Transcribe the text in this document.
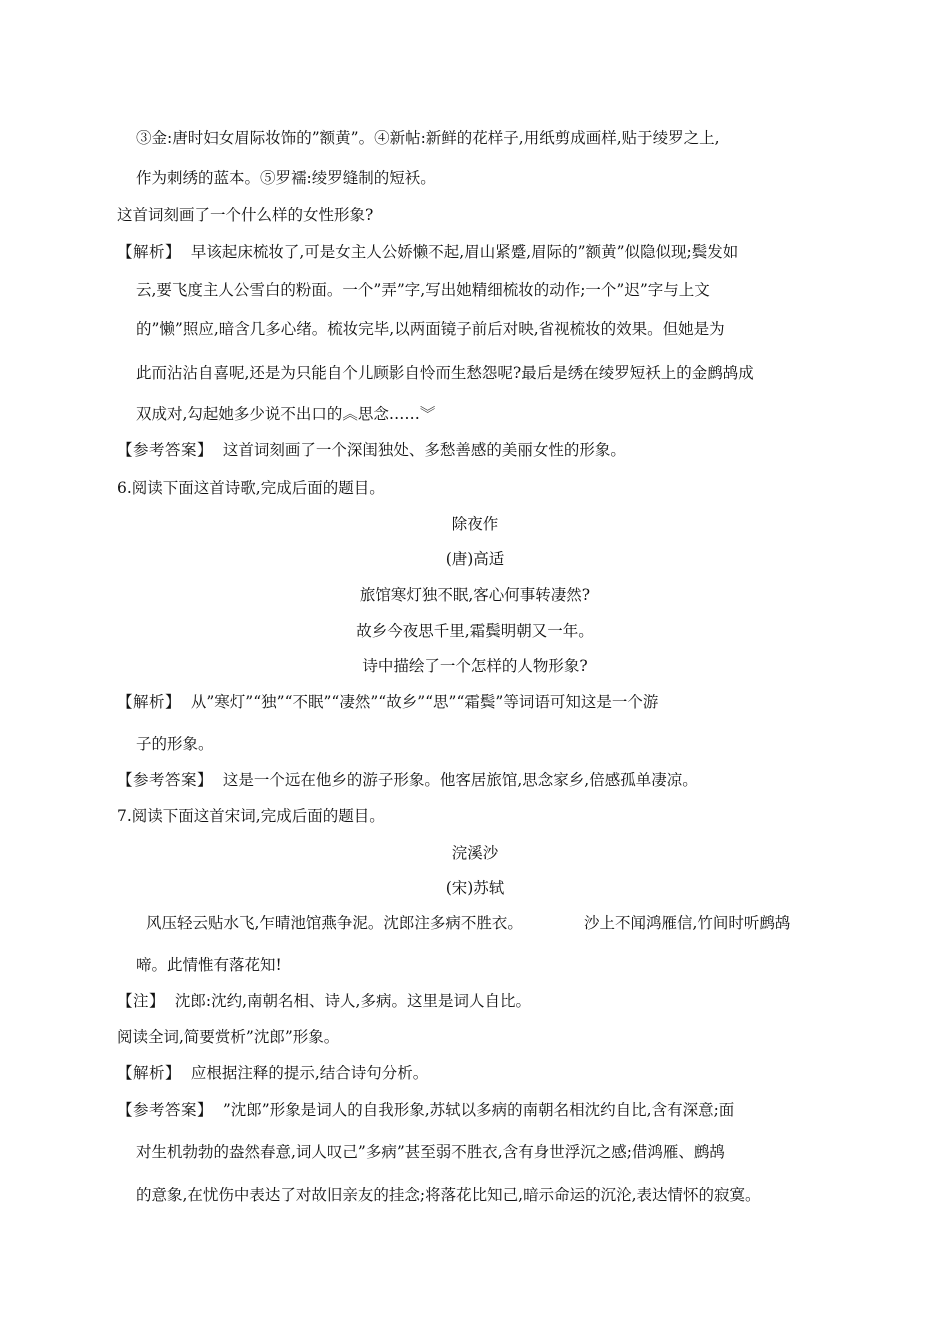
③金:唐时妇女眉际妆饰的”额黄”。④新帖:新鲜的花样子,用纸剪成画样,贴于绫罗之上,
作为刺绣的蓝本。⑤罗襦:绫罗缝制的短袄。
这首词刻画了一个什么样的女性形象?
【解析】 早该起床梳妆了,可是女主人公娇懒不起,眉山紧蹙,眉际的”额黄”似隐似现;鬓发如
云,要飞度主人公雪白的粉面。一个”弄”字,写出她精细梳妆的动作;一个”迟”字与上文
的”懒”照应,暗含几多心绪。梳妆完毕,以两面镜子前后对映,省视梳妆的效果。但她是为
此而沾沾自喜呢,还是为只能自个儿顾影自怜而生愁怨呢?最后是绣在绫罗短袄上的金鹧鸪成
双成对,勾起她多少说不出口的︽思念……︾
【参考答案】 这首词刻画了一个深闺独处、多愁善感的美丽女性的形象。
6.阅读下面这首诗歌,完成后面的题目。
除夜作
(唐)高适
旅馆寒灯独不眠,客心何事转凄然?
故乡今夜思千里,霜鬓明朝又一年。
诗中描绘了一个怎样的人物形象?
【解析】 从”寒灯”“独”“不眠”“凄然”“故乡”“思”“霜鬓”等词语可知这是一个游
子的形象。
【参考答案】 这是一个远在他乡的游子形象。他客居旅馆,思念家乡,倍感孤单凄凉。
7.阅读下面这首宋词,完成后面的题目。
浣溪沙
(宋)苏轼
风压轻云贴水飞,乍晴池馆燕争泥。沈郎注多病不胜衣。	沙上不闻鸿雁信,竹间时听鹧鸪
啼。此情惟有落花知!
【注】 沈郎:沈约,南朝名相、诗人,多病。这里是词人自比。
阅读全词,简要赏析”沈郎”形象。
【解析】 应根据注释的提示,结合诗句分析。
【参考答案】 ”沈郎”形象是词人的自我形象,苏轼以多病的南朝名相沈约自比,含有深意;面
对生机勃勃的盎然春意,词人叹己”多病”甚至弱不胜衣,含有身世浮沉之感;借鸿雁、鹧鸪
的意象,在忧伤中表达了对故旧亲友的挂念;将落花比知己,暗示命运的沉沦,表达情怀的寂寞。
